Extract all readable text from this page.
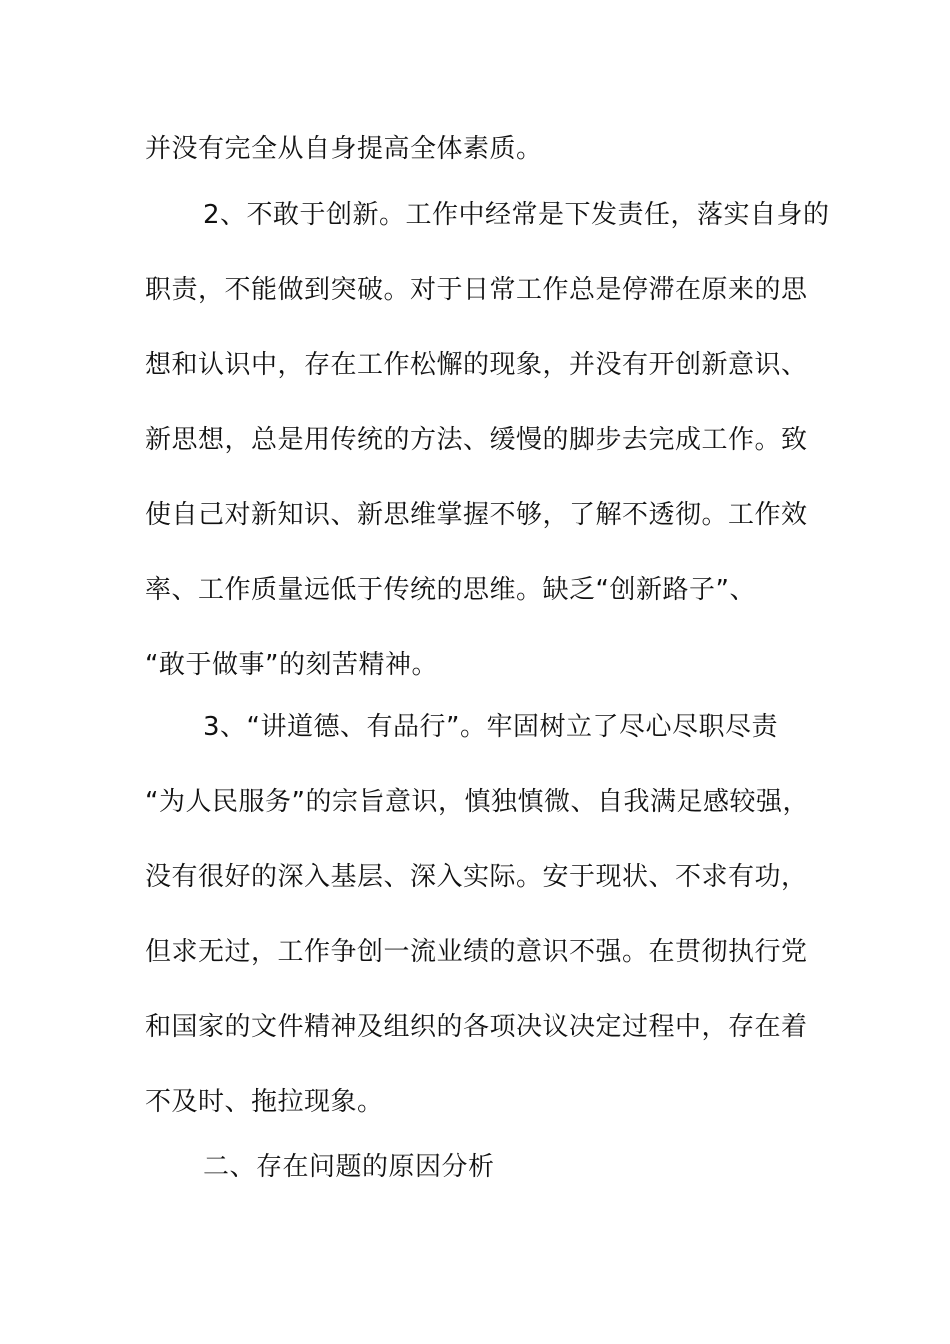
并没有完全从自身提高全体素质。
2、不敢于创新。工作中经常是下发责任，落实自身的
职责，不能做到突破。对于日常工作总是停滞在原来的思
想和认识中，存在工作松懈的现象，并没有开创新意识、
新思想，总是用传统的方法、缓慢的脚步去完成工作。致
使自己对新知识、新思维掌握不够，了解不透彻。工作效
率、工作质量远低于传统的思维。缺乏“创新路子”、
“敢于做事”的刻苦精神。
3、“讲道德、有品行”。牢固树立了尽心尽职尽责
“为人民服务”的宗旨意识，慎独慎微、自我满足感较强，
没有很好的深入基层、深入实际。安于现状、不求有功，
但求无过，工作争创一流业绩的意识不强。在贯彻执行党
和国家的文件精神及组织的各项决议决定过程中，存在着
不及时、拖拉现象。
二、存在问题的原因分析
